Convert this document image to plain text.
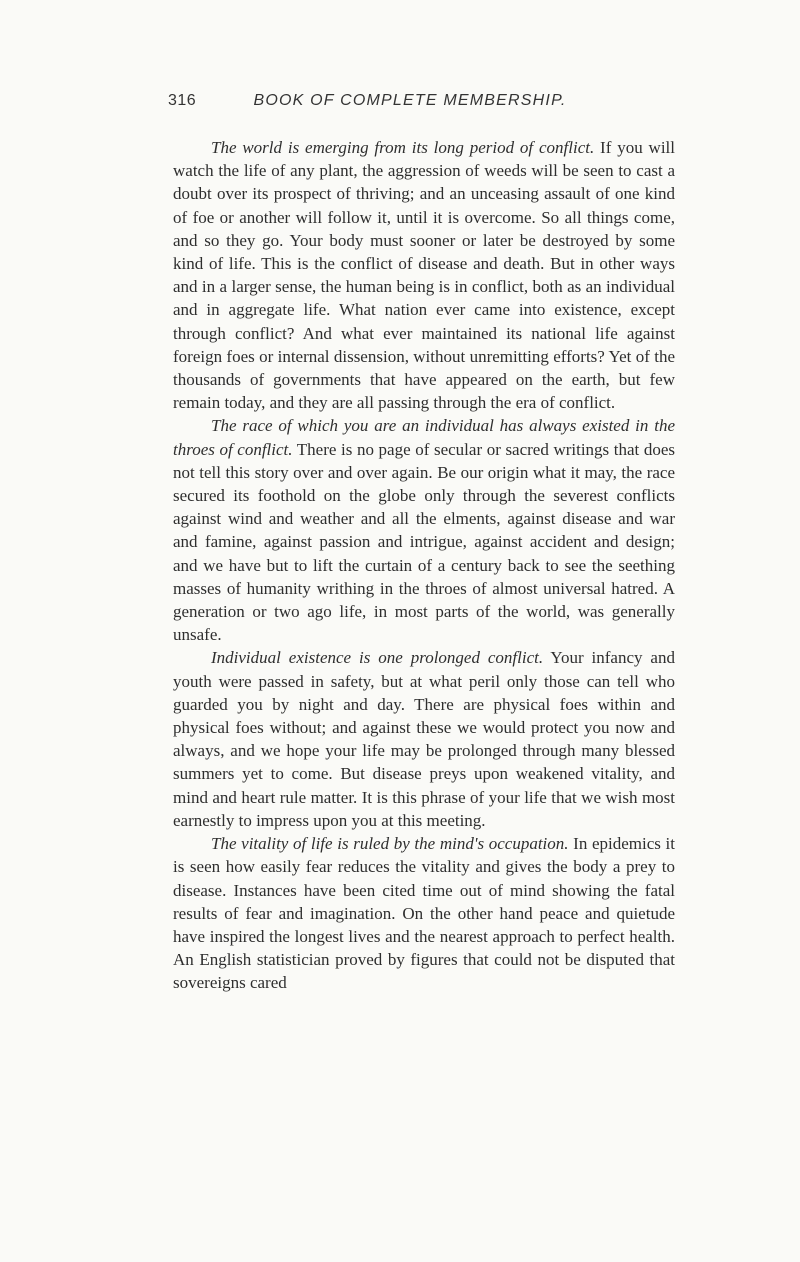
316	BOOK OF COMPLETE MEMBERSHIP.

The world is emerging from its long period of conflict. If you will watch the life of any plant, the aggression of weeds will be seen to cast a doubt over its prospect of thriving; and an unceasing assault of one kind of foe or another will follow it, until it is overcome. So all things come, and so they go. Your body must sooner or later be destroyed by some kind of life. This is the conflict of disease and death. But in other ways and in a larger sense, the human being is in conflict, both as an individual and in aggregate life. What nation ever came into existence, except through conflict? And what ever maintained its national life against foreign foes or internal dissension, without unremitting efforts? Yet of the thousands of governments that have appeared on the earth, but few remain today, and they are all passing through the era of conflict.

The race of which you are an individual has always existed in the throes of conflict. There is no page of secular or sacred writings that does not tell this story over and over again. Be our origin what it may, the race secured its foothold on the globe only through the severest conflicts against wind and weather and all the elments, against disease and war and famine, against passion and intrigue, against accident and design; and we have but to lift the curtain of a century back to see the seething masses of humanity writhing in the throes of almost universal hatred. A generation or two ago life, in most parts of the world, was generally unsafe.

Individual existence is one prolonged conflict. Your infancy and youth were passed in safety, but at what peril only those can tell who guarded you by night and day. There are physical foes within and physical foes without; and against these we would protect you now and always, and we hope your life may be prolonged through many blessed summers yet to come. But disease preys upon weakened vitality, and mind and heart rule matter. It is this phrase of your life that we wish most earnestly to impress upon you at this meeting.

The vitality of life is ruled by the mind's occupation. In epidemics it is seen how easily fear reduces the vitality and gives the body a prey to disease. Instances have been cited time out of mind showing the fatal results of fear and imagination. On the other hand peace and quietude have inspired the longest lives and the nearest approach to perfect health. An English statistician proved by figures that could not be disputed that sovereigns cared
